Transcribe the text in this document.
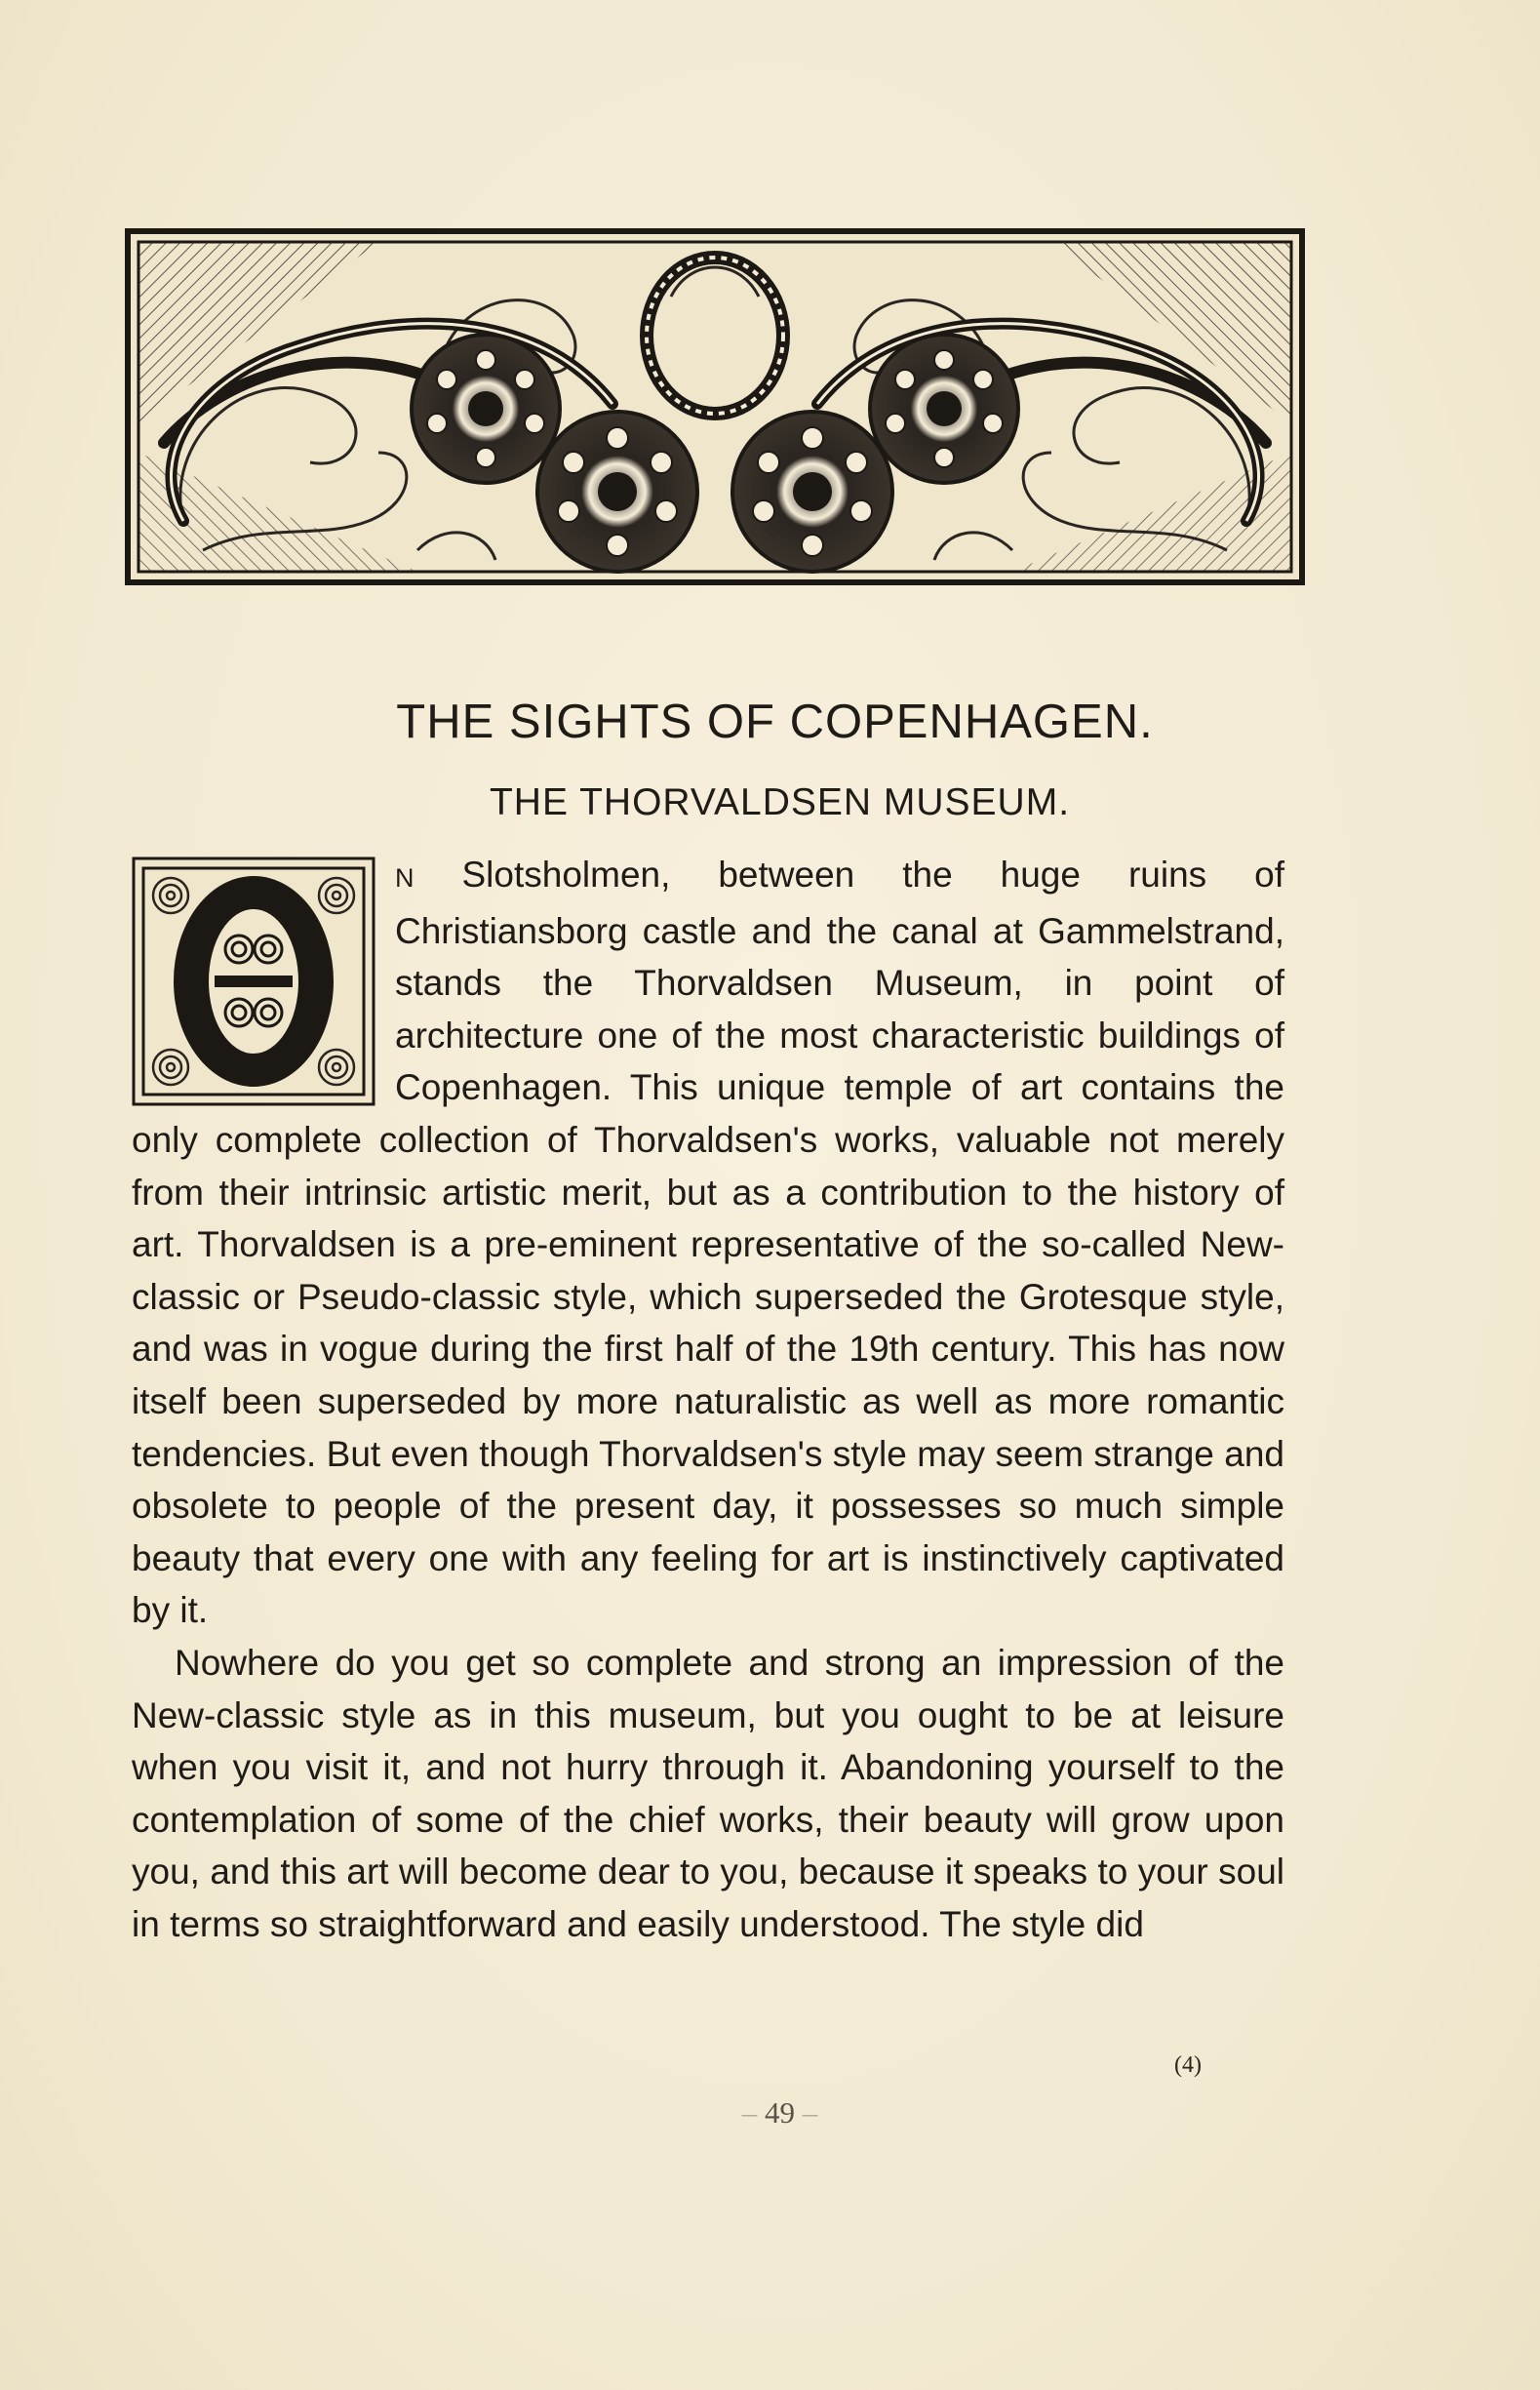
THE SIGHTS OF COPENHAGEN.
THE THORVALDSEN MUSEUM.

N Slotsholmen, between the huge ruins of Christiansborg castle and the canal at Gammelstrand, stands the Thorvaldsen Museum, in point of architecture one of the most characteristic buildings of Copenhagen. This unique temple of art contains the only complete collection of Thorvaldsen's works, valuable not merely from their intrinsic artistic merit, but as a contribution to the history of art. Thorvaldsen is a pre-eminent representative of the so-called New-classic or Pseudo-classic style, which superseded the Grotesque style, and was in vogue during the first half of the 19th century. This has now itself been superseded by more naturalistic as well as more romantic tendencies. But even though Thorvaldsen's style may seem strange and obsolete to people of the present day, it possesses so much simple beauty that every one with any feeling for art is instinctively captivated by it.

Nowhere do you get so complete and strong an impression of the New-classic style as in this museum, but you ought to be at leisure when you visit it, and not hurry through it. Abandoning yourself to the contemplation of some of the chief works, their beauty will grow upon you, and this art will become dear to you, because it speaks to your soul in terms so straightforward and easily understood. The style did

(4)
– 49 –
